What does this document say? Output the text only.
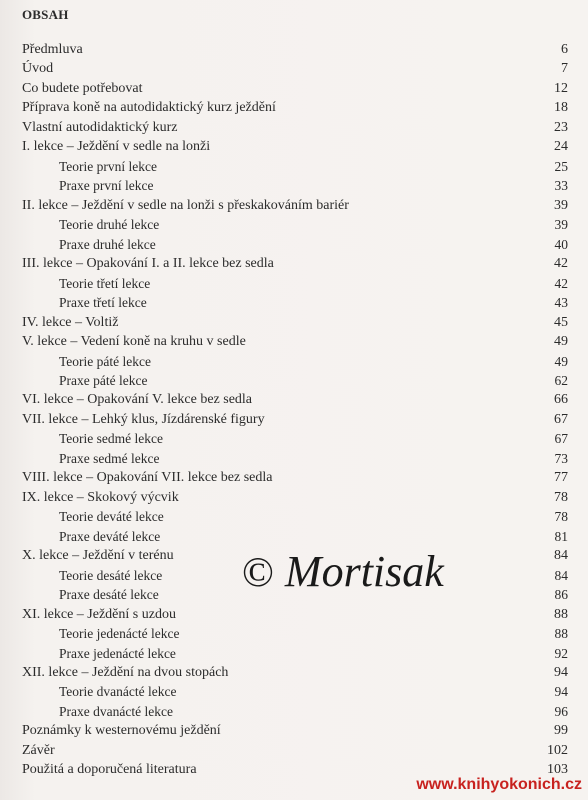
OBSAH
Předmluva	6
Úvod	7
Co budete potřebovat	12
Příprava koně na autodidaktický kurz ježdění	18
Vlastní autodidaktický kurz	23
I. lekce – Ježdění v sedle na lonži	24
Teorie první lekce	25
Praxe první lekce	33
II. lekce – Ježdění v sedle na lonži s přeskakováním bariér	39
Teorie druhé lekce	39
Praxe druhé lekce	40
III. lekce – Opakování I. a II. lekce bez sedla	42
Teorie třetí lekce	42
Praxe třetí lekce	43
IV. lekce – Voltiž	45
V. lekce – Vedení koně na kruhu v sedle	49
Teorie páté lekce	49
Praxe páté lekce	62
VI. lekce – Opakování V. lekce bez sedla	66
VII. lekce – Lehký klus, Jízdárenské figury	67
Teorie sedmé lekce	67
Praxe sedmé lekce	73
VIII. lekce – Opakování VII. lekce bez sedla	77
IX. lekce – Skokový výcvik	78
Teorie deváté lekce	78
Praxe deváté lekce	81
X. lekce – Ježdění v terénu	84
Teorie desáté lekce	84
Praxe desáté lekce	86
XI. lekce – Ježdění s uzdou	88
Teorie jedenácté lekce	88
Praxe jedenácté lekce	92
XII. lekce – Ježdění na dvou stopách	94
Teorie dvanácté lekce	94
Praxe dvanácté lekce	96
Poznámky k westernovému ježdění	99
Závěr	102
Použitá a doporučená literatura	103
© Mortisak
www.knihyokonich.cz
